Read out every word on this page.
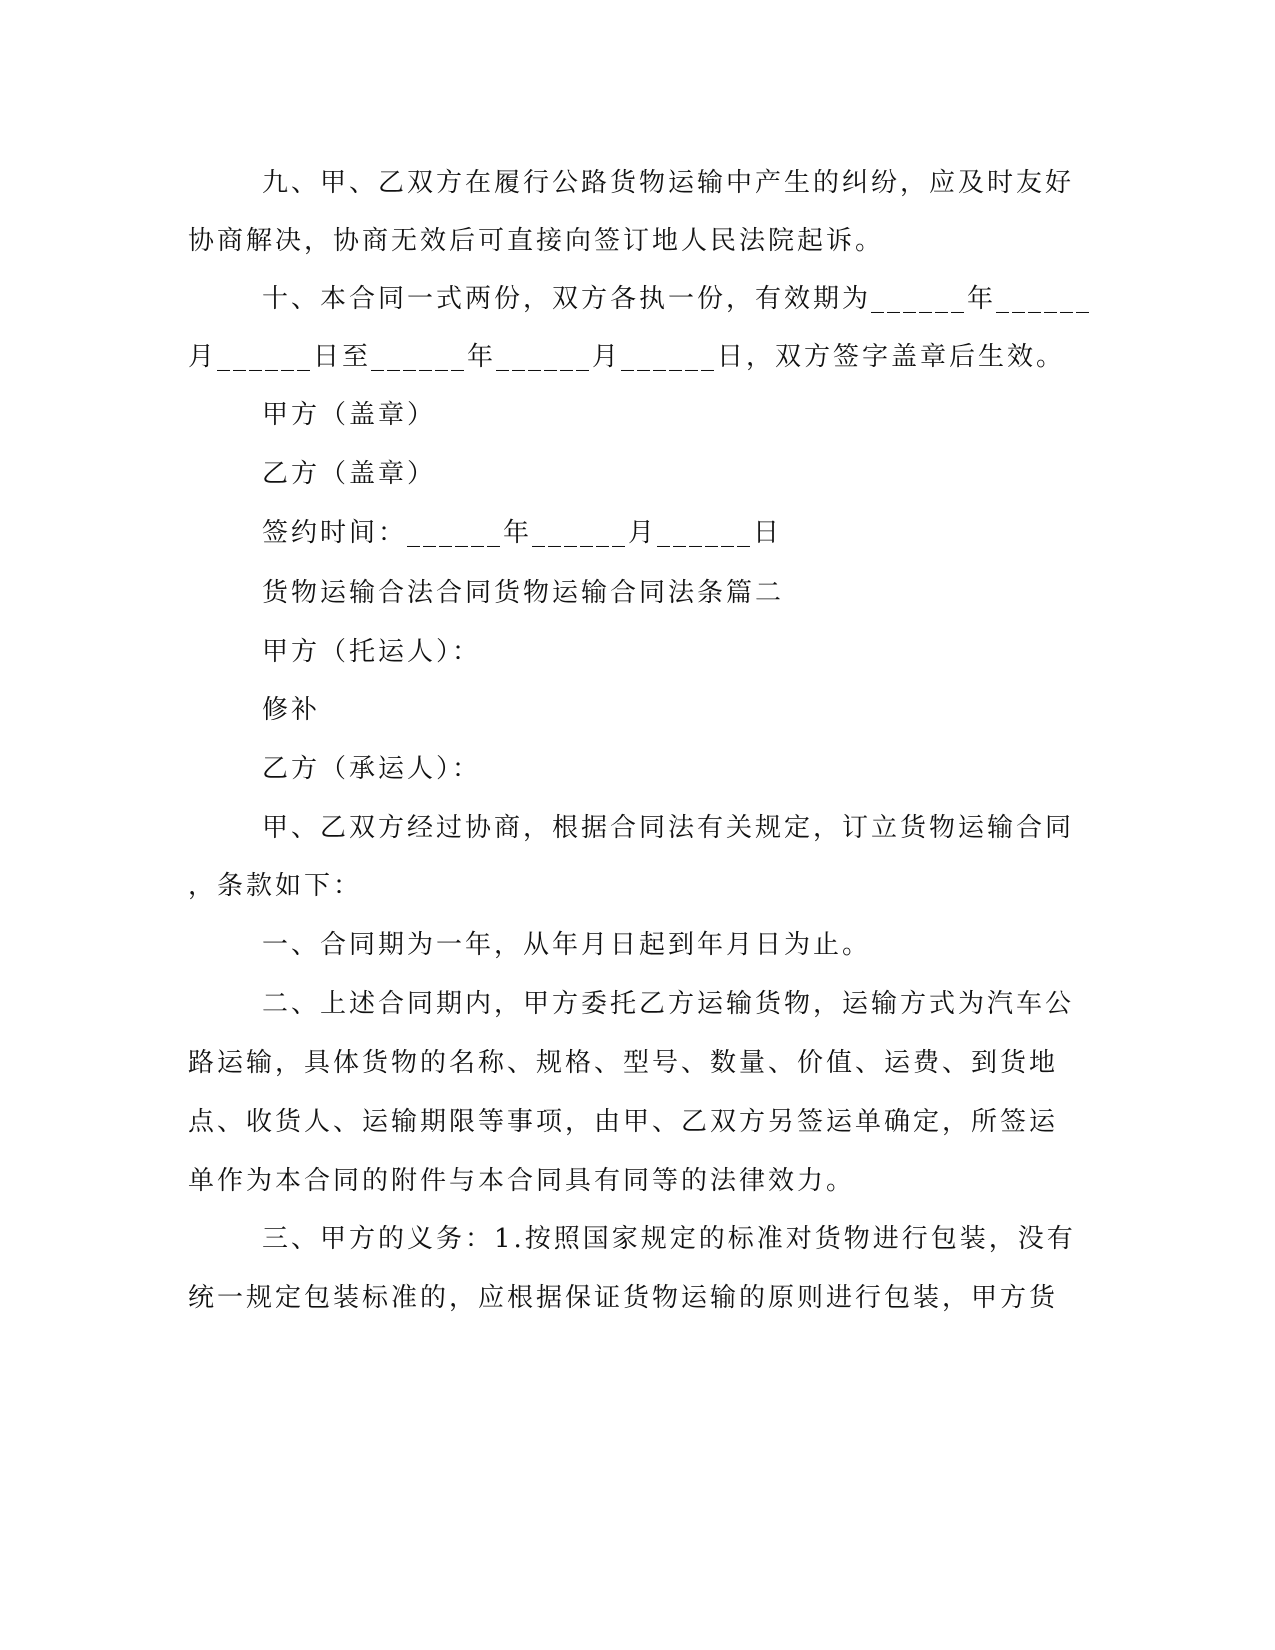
九、甲、乙双方在履行公路货物运输中产生的纠纷，应及时友好
协商解决，协商无效后可直接向签订地人民法院起诉。
十、本合同一式两份，双方各执一份，有效期为______年______
月______日至______年______月______日，双方签字盖章后生效。
甲方（盖章）
乙方（盖章）
签约时间：______年______月______日
货物运输合法合同货物运输合同法条篇二
甲方（托运人）：
修补
乙方（承运人）：
甲、乙双方经过协商，根据合同法有关规定，订立货物运输合同
，条款如下：
一、合同期为一年，从年月日起到年月日为止。
二、上述合同期内，甲方委托乙方运输货物，运输方式为汽车公
路运输，具体货物的名称、规格、型号、数量、价值、运费、到货地
点、收货人、运输期限等事项，由甲、乙双方另签运单确定，所签运
单作为本合同的附件与本合同具有同等的法律效力。
三、甲方的义务：1.按照国家规定的标准对货物进行包装，没有
统一规定包装标准的，应根据保证货物运输的原则进行包装，甲方货
